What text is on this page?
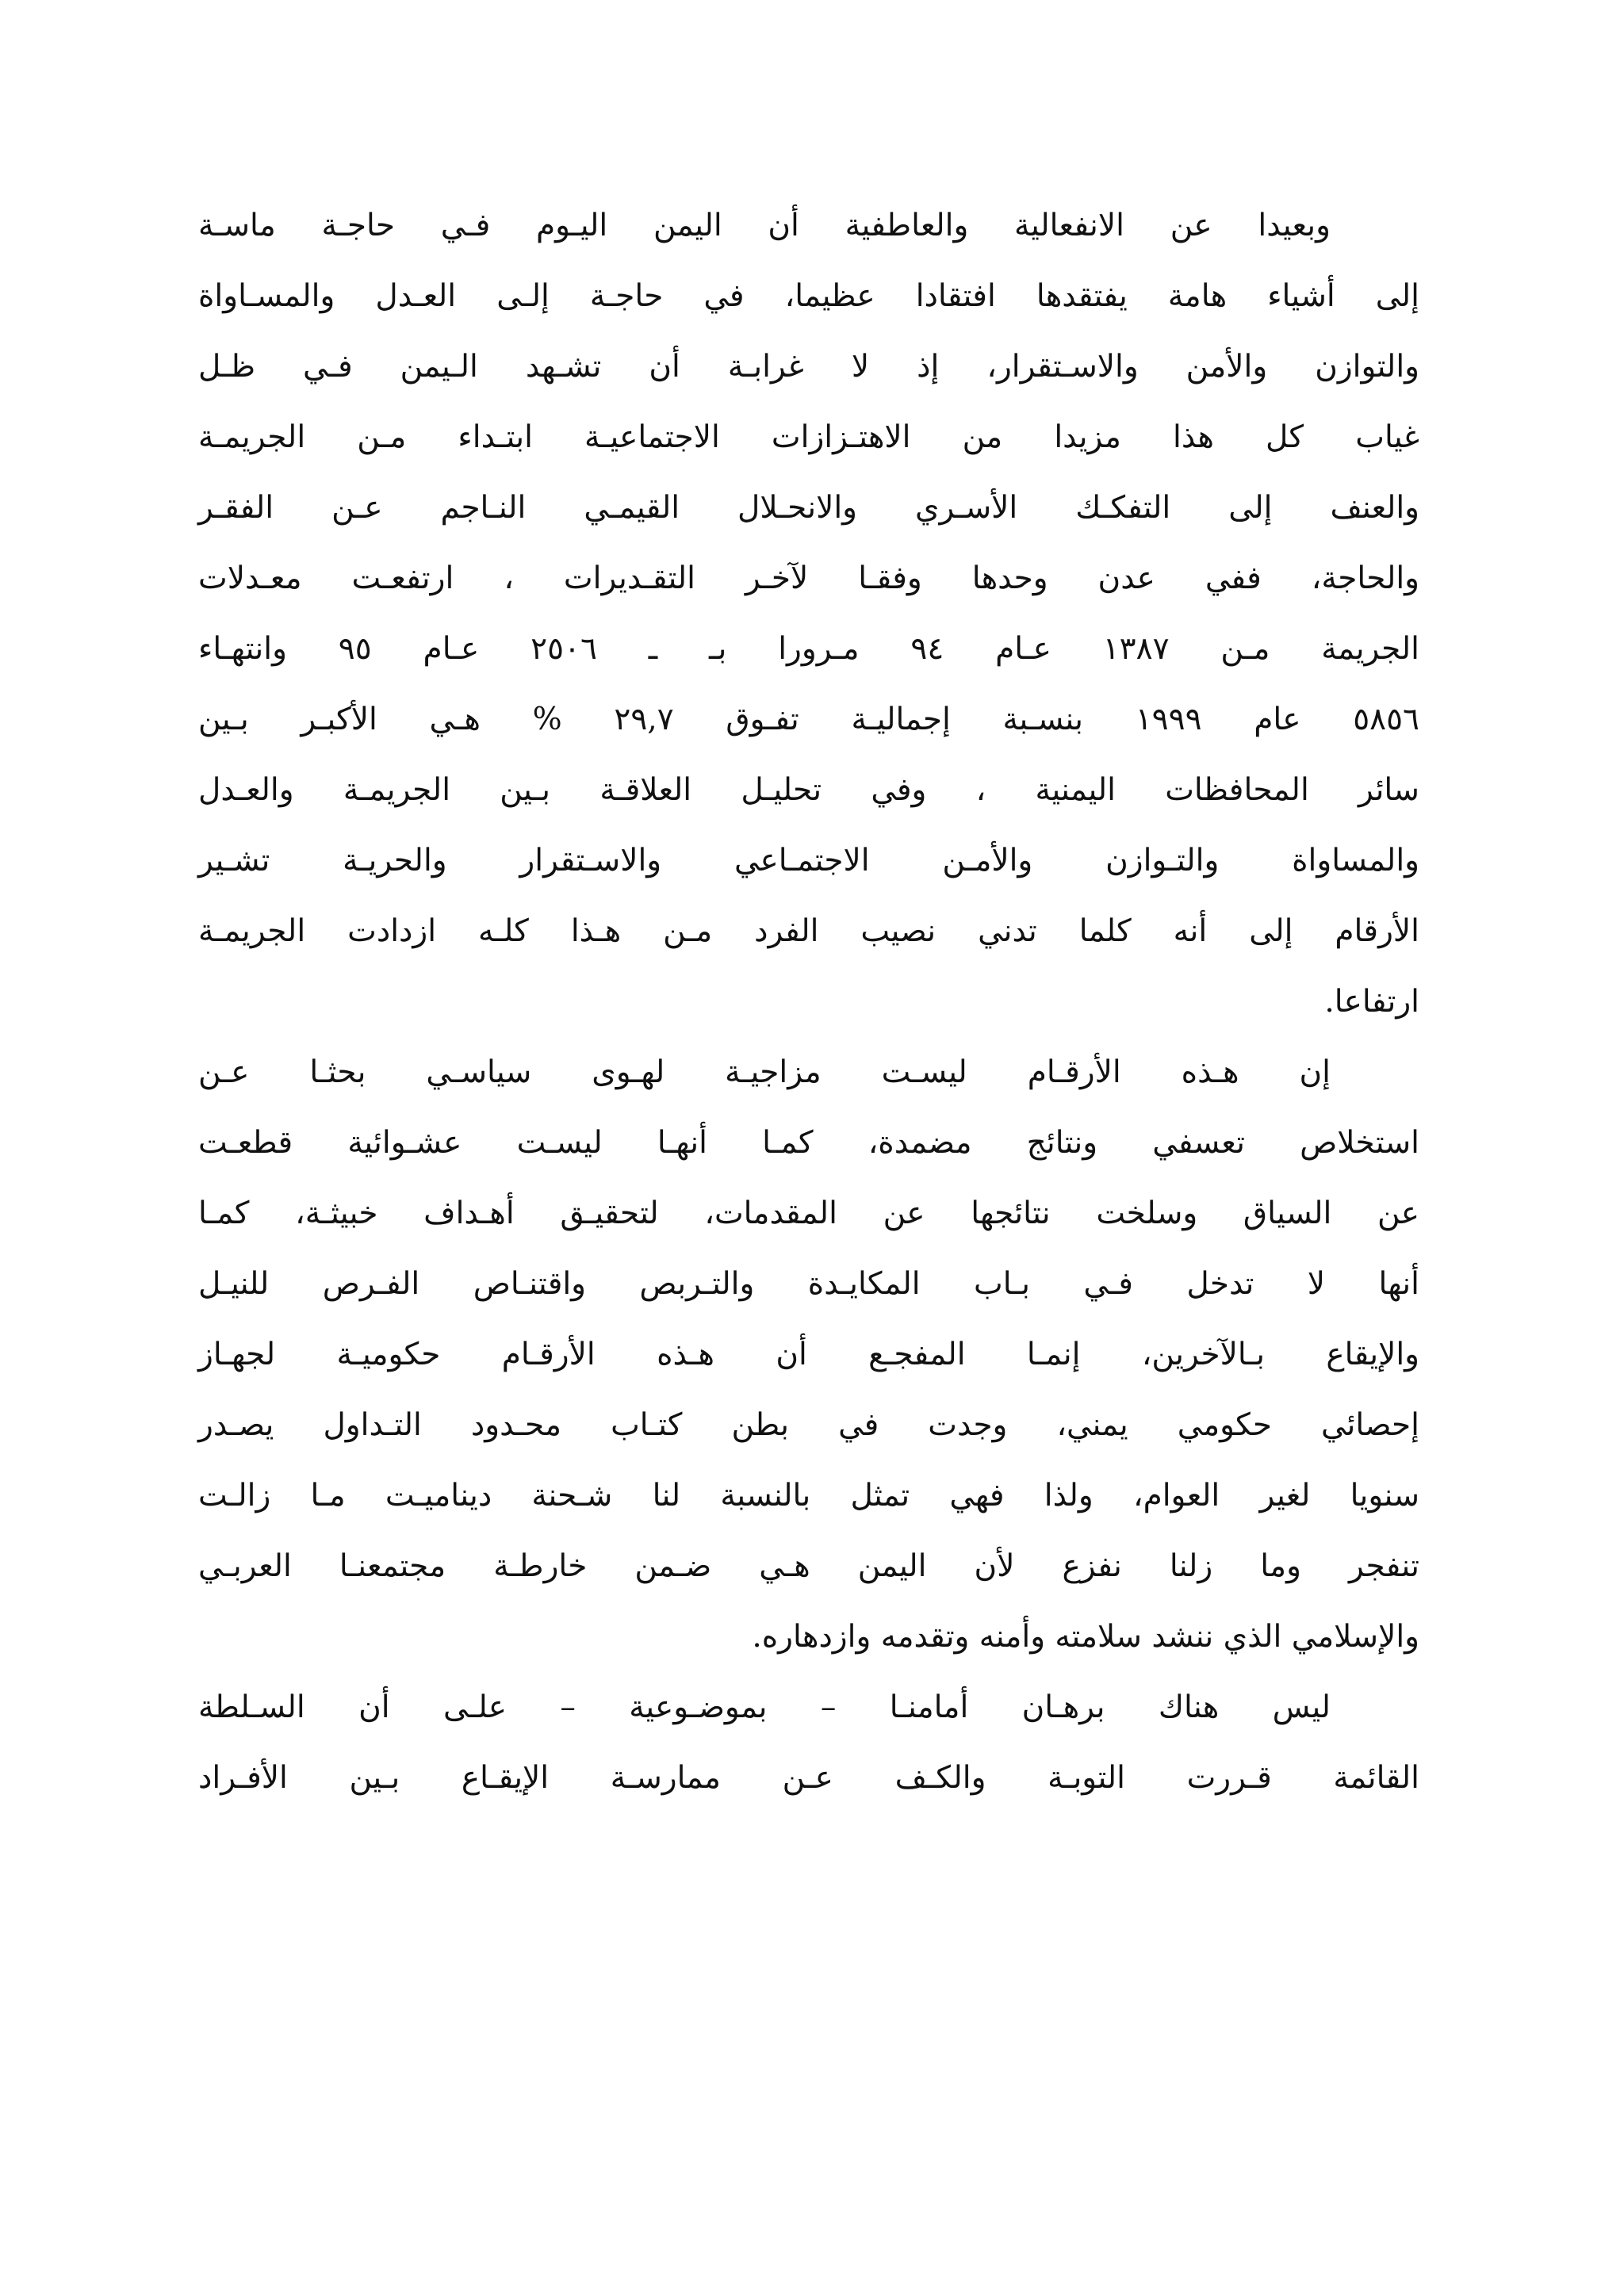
وبعيدا عن الانفعالية والعاطفية أن اليمن اليـوم فـي حاجـة ماسـة
إلى أشياء هامة يفتقدها افتقادا عظيما، في حاجـة إلـى العـدل والمسـاواة
والتوازن والأمن والاسـتقرار، إذ لا غرابـة أن تشـهد الـيمن فـي ظـل
غياب كل هذا مزيدا من الاهتـزازات الاجتماعيـة ابتـداء مـن الجريمـة
والعنف إلى التفكـك الأسـري والانحـلال القيمـي النـاجم عـن الفقـر
والحاجة، ففي عدن وحدها وفقـا لآخـر التقـديرات ، ارتفعـت معـدلات
الجريمة مـن ١٣٨٧ عـام ٩٤ مـرورا بـ ـ ٢٥٠٦ عـام ٩٥ وانتهـاء
٥٨٥٦ عام ١٩٩٩ بنسـبة إجماليـة تفـوق ٢٩,٧ % هـي الأكبـر بـين
سائر المحافظات اليمنية ، وفي تحليـل العلاقـة بـين الجريمـة والعـدل
والمساواة والتـوازن والأمـن الاجتمـاعي والاسـتقرار والحريـة تشـير
الأرقام إلى أنه كلما تدني نصيب الفرد مـن هـذا كلـه ازدادت الجريمـة
ارتفاعا.
إن هـذه الأرقـام ليسـت مزاجيـة لهـوى سياسـي بحثـا عـن
استخلاص تعسفي ونتائج مضمدة، كمـا أنهـا ليسـت عشـوائية قطعـت
عن السياق وسلخت نتائجها عن المقدمات، لتحقيـق أهـداف خبيثـة، كمـا
أنها لا تدخل فـي بـاب المكايـدة والتـربص واقتنـاص الفـرص للنيـل
والإيقاع بـالآخرين، إنمـا المفجـع أن هـذه الأرقـام حكوميـة لجهـاز
إحصائي حكومي يمني، وجدت في بطن كتـاب محـدود التـداول يصـدر
سنويا لغير العوام، ولذا فهي تمثل بالنسبة لنا شـحنة ديناميـت مـا زالـت
تنفجر وما زلنا نفزع لأن اليمن هـي ضـمن خارطـة مجتمعنـا العربـي
والإسلامي الذي ننشد سلامته وأمنه وتقدمه وازدهاره.
ليس هناك برهـان أمامنـا – بموضـوعية – علـى أن السـلطة
القائمة قـررت التوبـة والكـف عـن ممارسـة الإيقـاع بـين الأفـراد
